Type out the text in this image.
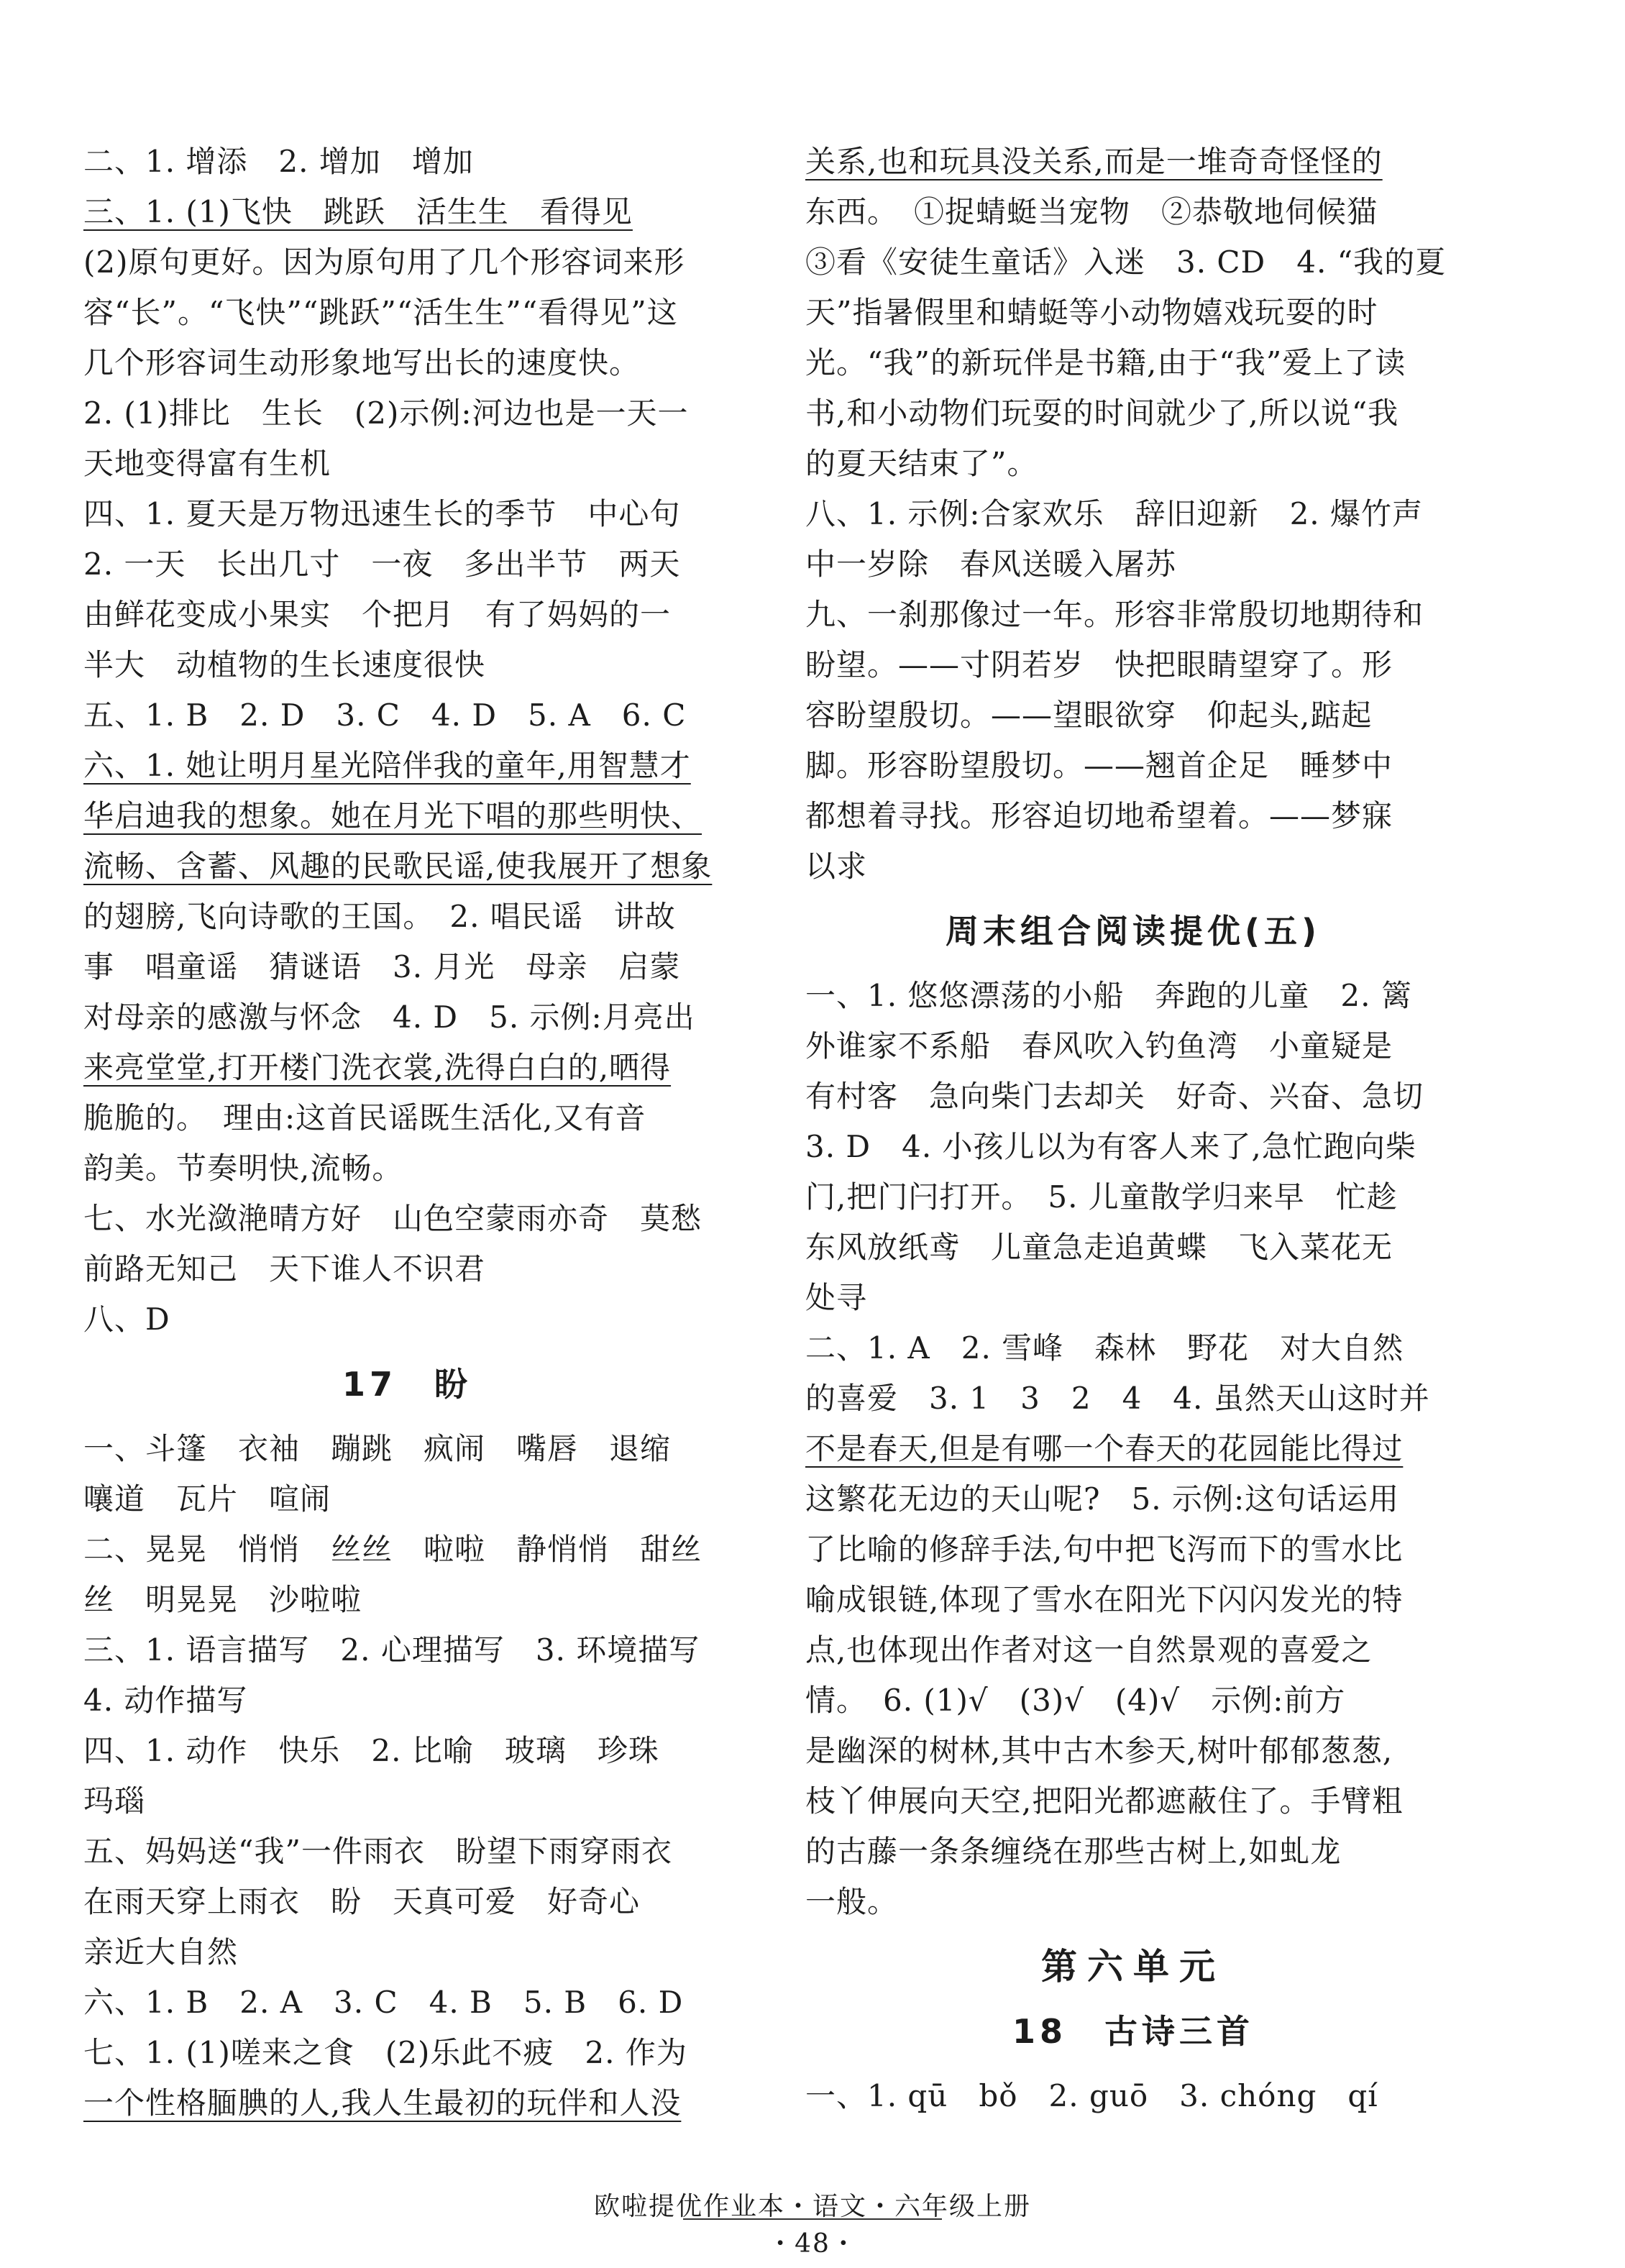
二、1. 增添　2. 增加　增加
三、1. (1)飞快　跳跃　活生生　看得见
(2)原句更好。因为原句用了几个形容词来形
容“长”。“飞快”“跳跃”“活生生”“看得见”这
几个形容词生动形象地写出长的速度快。
2. (1)排比　生长　(2)示例:河边也是一天一
天地变得富有生机
四、1. 夏天是万物迅速生长的季节　中心句
2. 一天　长出几寸　一夜　多出半节　两天
由鲜花变成小果实　个把月　有了妈妈的一
半大　动植物的生长速度很快
五、1. B　2. D　3. C　4. D　5. A　6. C
六、1. 她让明月星光陪伴我的童年,用智慧才
华启迪我的想象。她在月光下唱的那些明快、
流畅、含蓄、风趣的民歌民谣,使我展开了想象
的翅膀,飞向诗歌的王国。　2. 唱民谣　讲故
事　唱童谣　猜谜语　3. 月光　母亲　启蒙
对母亲的感激与怀念　4. D　5. 示例:月亮出
来亮堂堂,打开楼门洗衣裳,洗得白白的,晒得
脆脆的。　理由:这首民谣既生活化,又有音
韵美。节奏明快,流畅。
七、水光潋滟晴方好　山色空蒙雨亦奇　莫愁
前路无知己　天下谁人不识君
八、D
17　盼
一、斗篷　衣袖　蹦跳　疯闹　嘴唇　退缩
嚷道　瓦片　喧闹
二、晃晃　悄悄　丝丝　啦啦　静悄悄　甜丝
丝　明晃晃　沙啦啦
三、1. 语言描写　2. 心理描写　3. 环境描写
4. 动作描写
四、1. 动作　快乐　2. 比喻　玻璃　珍珠
玛瑙
五、妈妈送“我”一件雨衣　盼望下雨穿雨衣
在雨天穿上雨衣　盼　天真可爱　好奇心
亲近大自然
六、1. B　2. A　3. C　4. B　5. B　6. D
七、1. (1)嗟来之食　(2)乐此不疲　2. 作为
一个性格腼腆的人,我人生最初的玩伴和人没
关系,也和玩具没关系,而是一堆奇奇怪怪的
东西。　①捉蜻蜓当宠物　②恭敬地伺候猫
③看《安徒生童话》入迷　3. CD　4. “我的夏
天”指暑假里和蜻蜓等小动物嬉戏玩耍的时
光。“我”的新玩伴是书籍,由于“我”爱上了读
书,和小动物们玩耍的时间就少了,所以说“我
的夏天结束了”。
八、1. 示例:合家欢乐　辞旧迎新　2. 爆竹声
中一岁除　春风送暖入屠苏
九、一刹那像过一年。形容非常殷切地期待和
盼望。——寸阴若岁　快把眼睛望穿了。形
容盼望殷切。——望眼欲穿　仰起头,踮起
脚。形容盼望殷切。——翘首企足　睡梦中
都想着寻找。形容迫切地希望着。——梦寐
以求
周末组合阅读提优(五)
一、1. 悠悠漂荡的小船　奔跑的儿童　2. 篱
外谁家不系船　春风吹入钓鱼湾　小童疑是
有村客　急向柴门去却关　好奇、兴奋、急切
3. D　4. 小孩儿以为有客人来了,急忙跑向柴
门,把门闩打开。　5. 儿童散学归来早　忙趁
东风放纸鸢　儿童急走追黄蝶　飞入菜花无
处寻
二、1. A　2. 雪峰　森林　野花　对大自然
的喜爱　3. 1　3　2　4　4. 虽然天山这时并
不是春天,但是有哪一个春天的花园能比得过
这繁花无边的天山呢?　5. 示例:这句话运用
了比喻的修辞手法,句中把飞泻而下的雪水比
喻成银链,体现了雪水在阳光下闪闪发光的特
点,也体现出作者对这一自然景观的喜爱之
情。　6. (1)√　(3)√　(4)√　示例:前方
是幽深的树林,其中古木参天,树叶郁郁葱葱,
枝丫伸展向天空,把阳光都遮蔽住了。手臂粗
的古藤一条条缠绕在那些古树上,如虬龙
一般。
第六单元
18　古诗三首
一、1. qū　bǒ　2. guō　3. chóng　qí
欧啦提优作业本・语文・六年级上册
・48・
